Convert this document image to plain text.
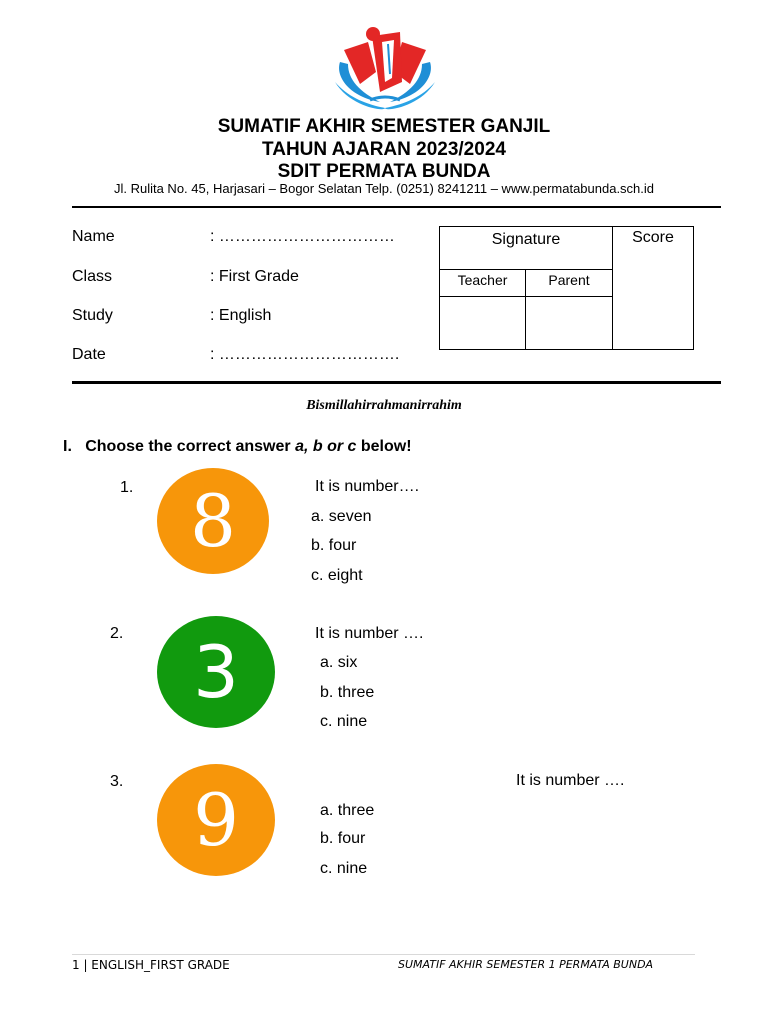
SUMATIF AKHIR SEMESTER GANJIL
TAHUN AJARAN 2023/2024
SDIT PERMATA BUNDA
Jl. Rulita No. 45, Harjasari – Bogor Selatan Telp. (0251) 8241211 – www.permatabunda.sch.id
Name	: ……………………………
Class	: First Grade
Study	: English
Date	: …………………………….
Signature		Score
Teacher	Parent	

Bismillahirrahmanirrahim
I.   Choose the correct answer a, b or c below!
1. 8	It is number….
a. seven
b. four
c. eight
2. 3	It is number ….
a. six
b. three
c. nine
3. 9	It is number ….
a. three
b. four
c. nine
1 | ENGLISH_FIRST GRADE	SUMATIF AKHIR SEMESTER 1 PERMATA BUNDA
